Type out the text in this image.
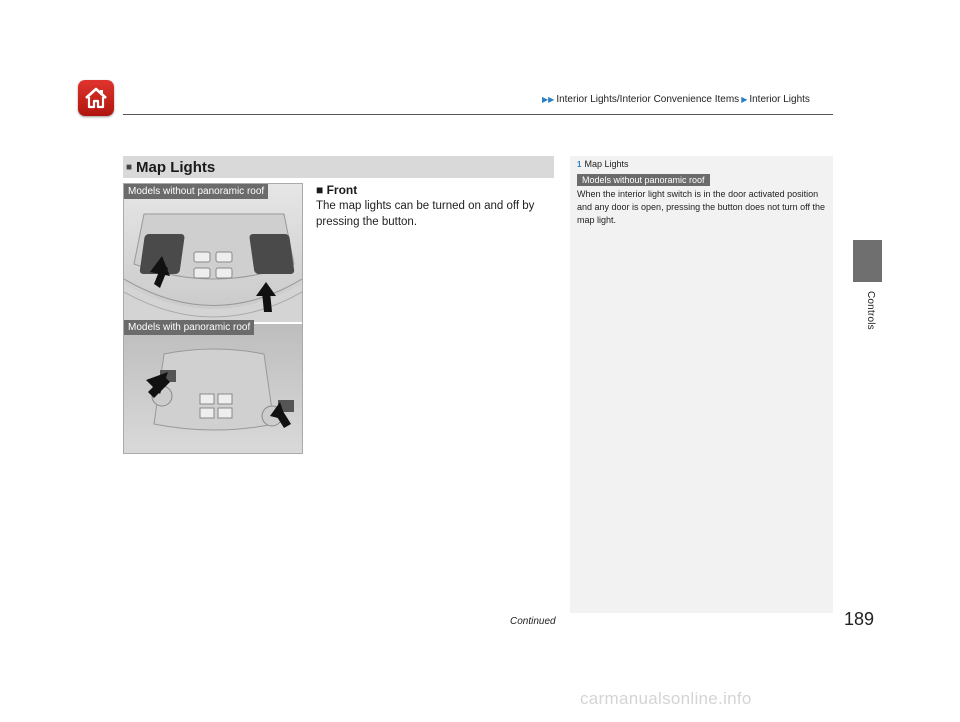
▶▶ Interior Lights/Interior Convenience Items ▶ Interior Lights
Controls
■ Map Lights
Models without panoramic roof
Models with panoramic roof
■ Front
The map lights can be turned on and off by pressing the button.
1 Map Lights
Models without panoramic roof
When the interior light switch is in the door activated position and any door is open, pressing the button does not turn off the map light.
Continued	189
carmanualsonline.info
